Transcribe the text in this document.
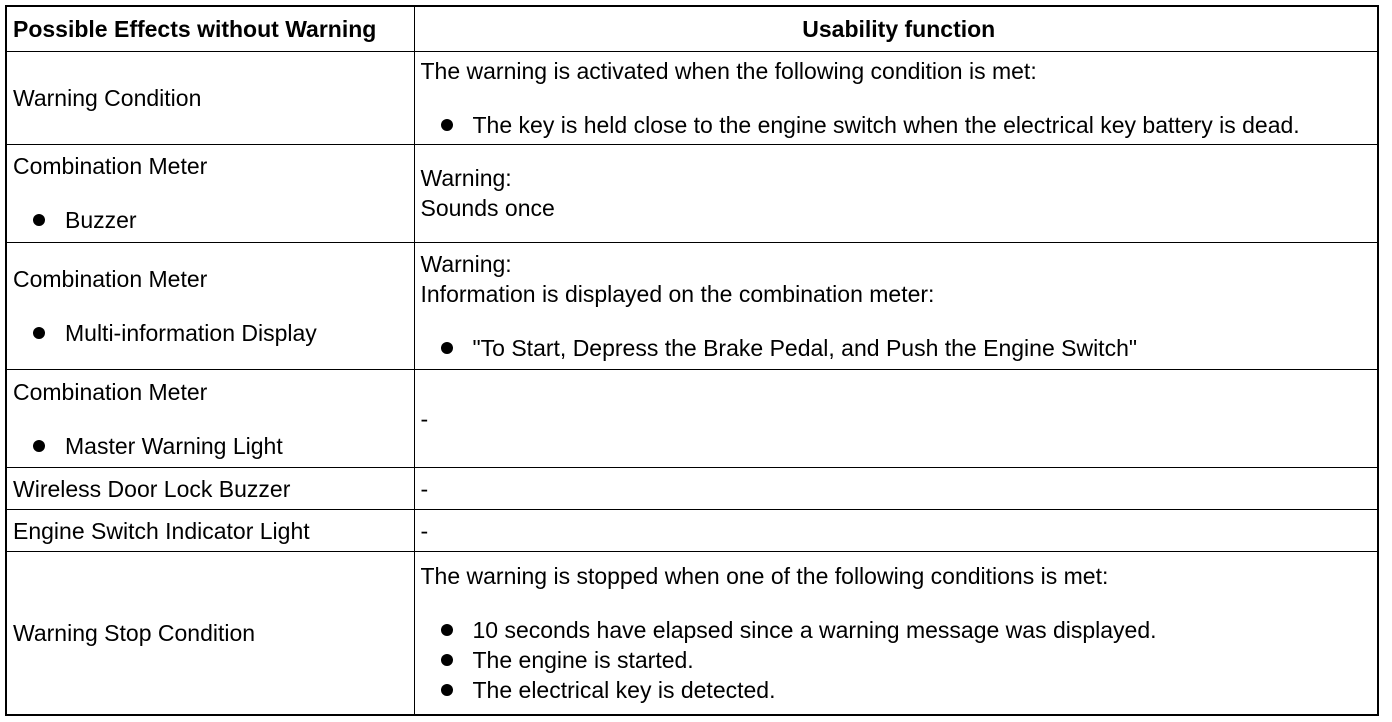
Possible Effects without Warning	Usability function

Warning Condition	The warning is activated when the following condition is met:
The key is held close to the engine switch when the electrical key battery is dead.

Combination Meter
Buzzer	Warning:
Sounds once

Combination Meter
Multi-information Display	Warning:
Information is displayed on the combination meter:
"To Start, Depress the Brake Pedal, and Push the Engine Switch"

Combination Meter
Master Warning Light	-

Wireless Door Lock Buzzer	-

Engine Switch Indicator Light	-

Warning Stop Condition	The warning is stopped when one of the following conditions is met:
10 seconds have elapsed since a warning message was displayed.
The engine is started.
The electrical key is detected.
